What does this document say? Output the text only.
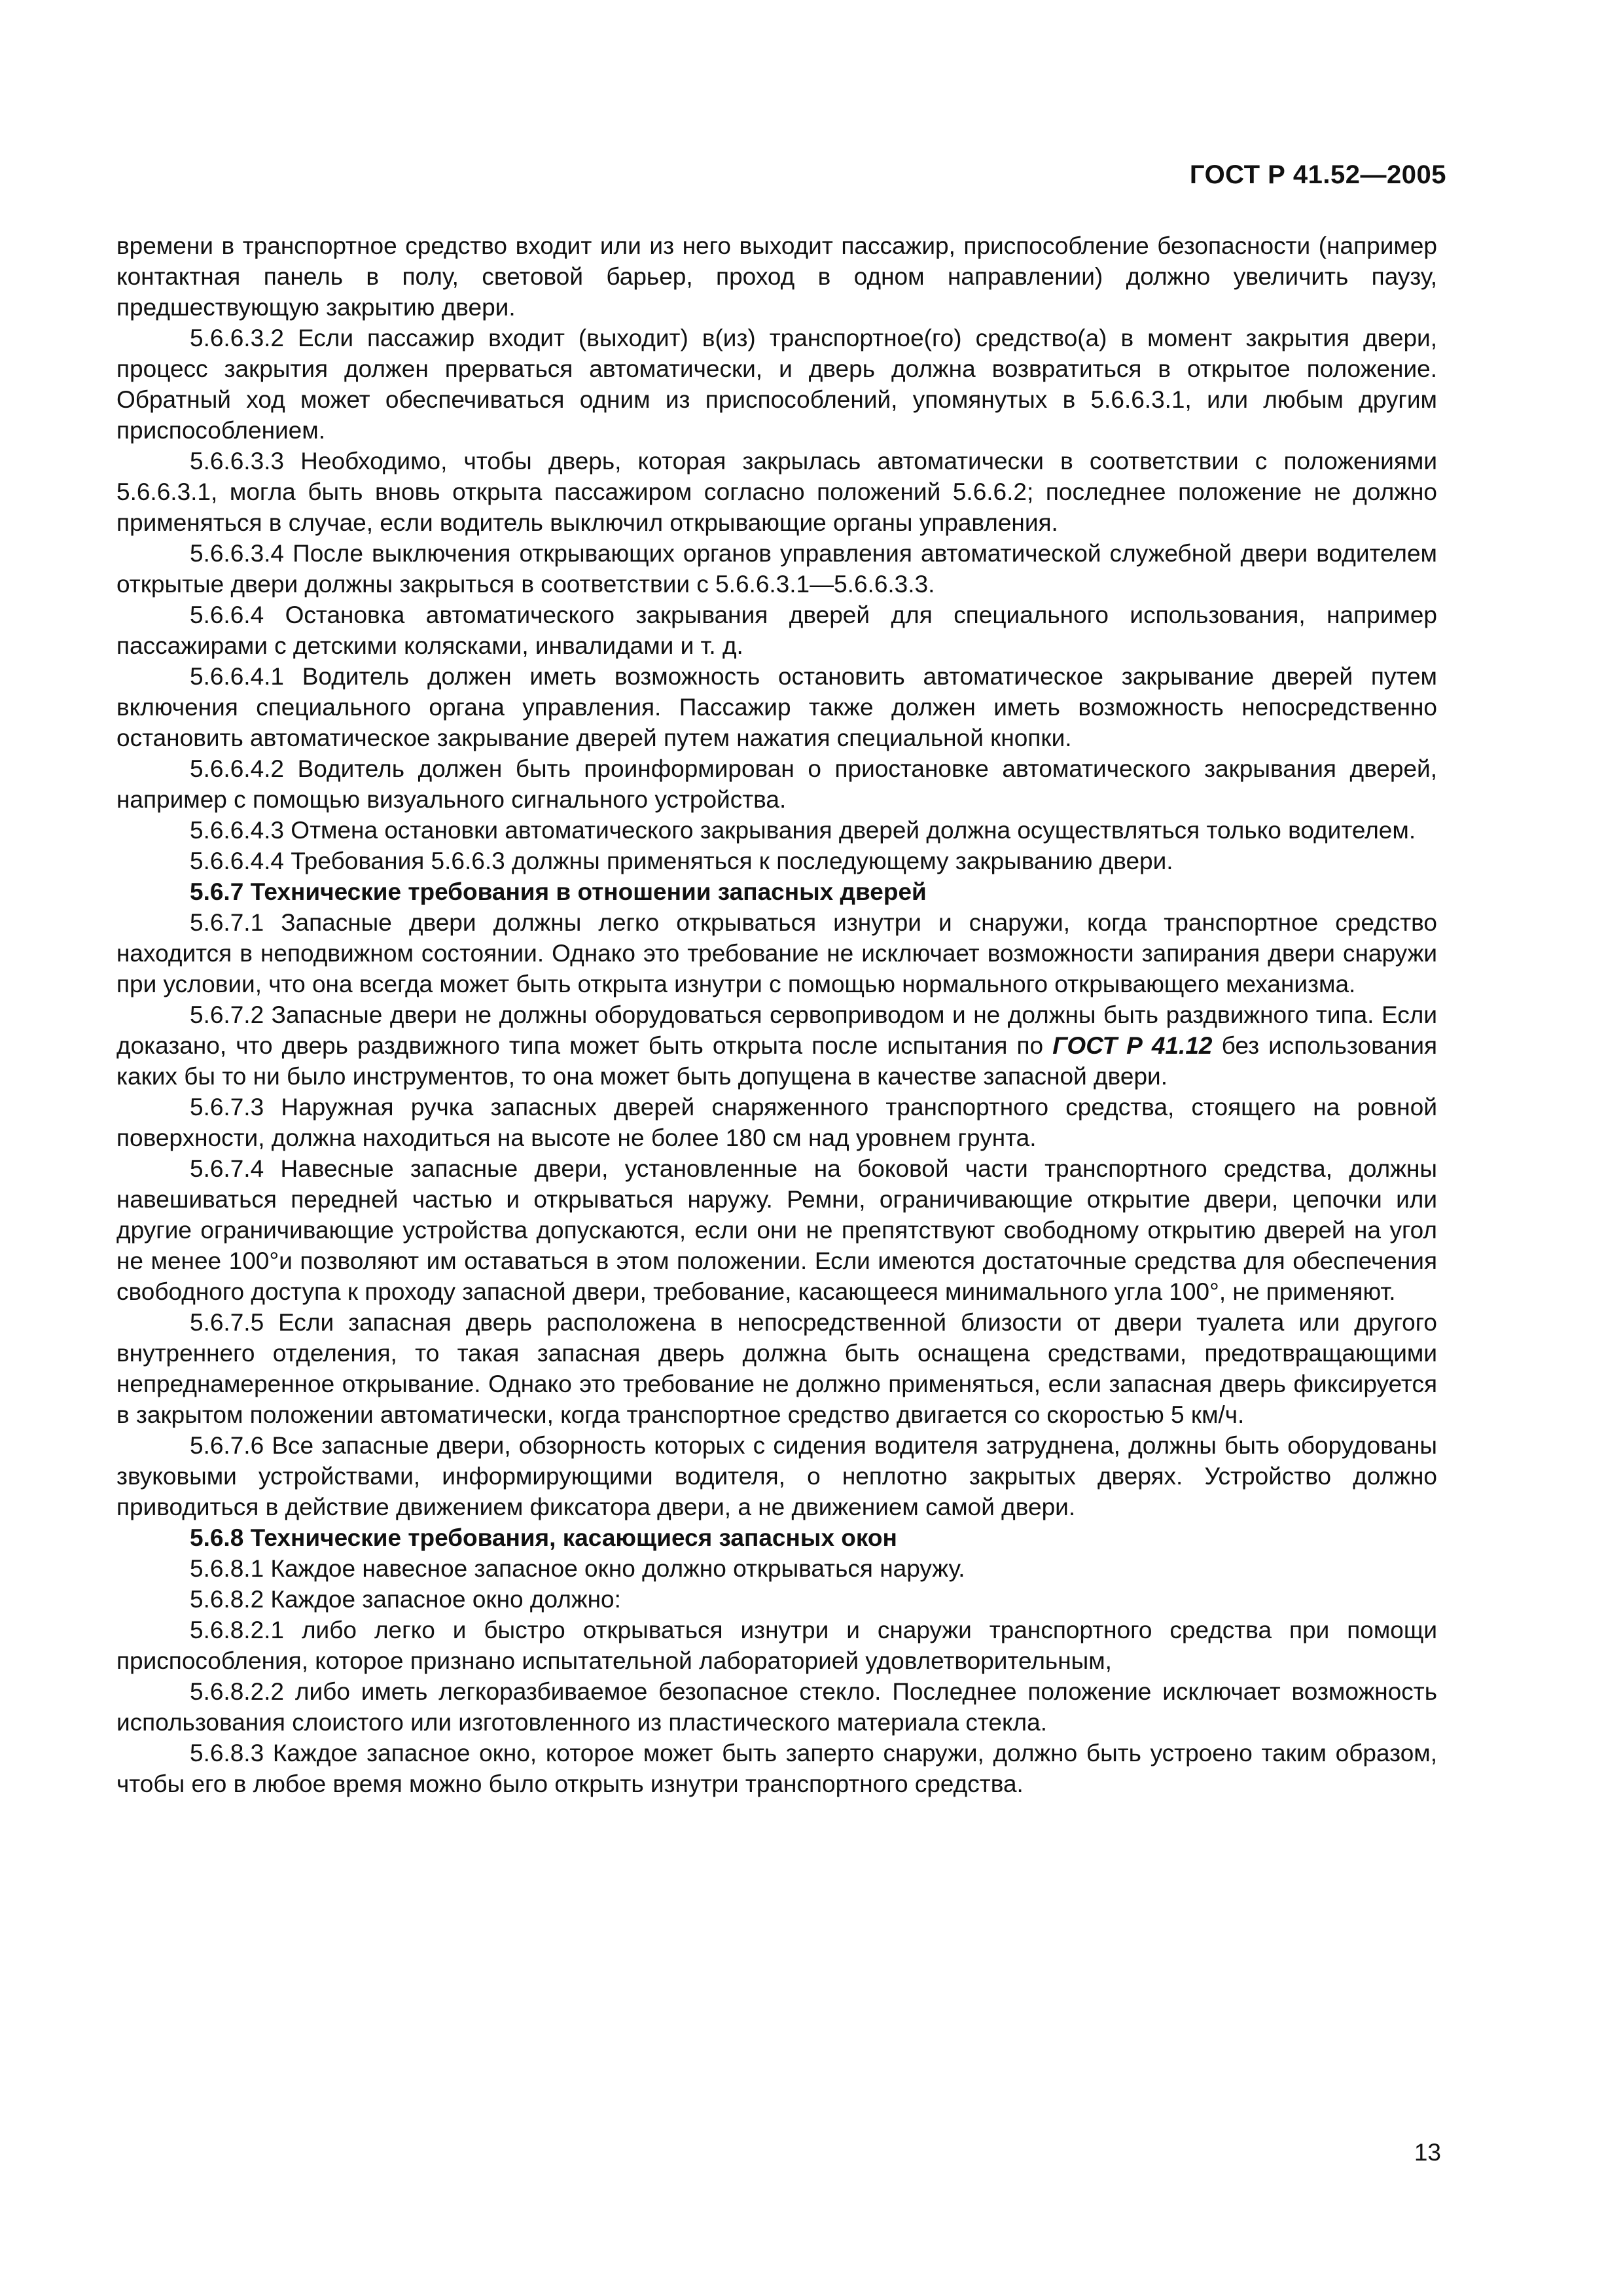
ГОСТ Р 41.52—2005

времени в транспортное средство входит или из него выходит пассажир, приспособление безопасности (например контактная панель в полу, световой барьер, проход в одном направлении) должно увеличить паузу, предшествующую закрытию двери.

5.6.6.3.2 Если пассажир входит (выходит) в(из) транспортное(го) средство(а) в момент закрытия двери, процесс закрытия должен прерваться автоматически, и дверь должна возвратиться в открытое положение. Обратный ход может обеспечиваться одним из приспособлений, упомянутых в 5.6.6.3.1, или любым другим приспособлением.

5.6.6.3.3 Необходимо, чтобы дверь, которая закрылась автоматически в соответствии с положениями 5.6.6.3.1, могла быть вновь открыта пассажиром согласно положений 5.6.6.2; последнее положение не должно применяться в случае, если водитель выключил открывающие органы управления.

5.6.6.3.4 После выключения открывающих органов управления автоматической служебной двери водителем открытые двери должны закрыться в соответствии с 5.6.6.3.1—5.6.6.3.3.

5.6.6.4 Остановка автоматического закрывания дверей для специального использования, например пассажирами с детскими колясками, инвалидами и т. д.

5.6.6.4.1 Водитель должен иметь возможность остановить автоматическое закрывание дверей путем включения специального органа управления. Пассажир также должен иметь возможность непосредственно остановить автоматическое закрывание дверей путем нажатия специальной кнопки.

5.6.6.4.2 Водитель должен быть проинформирован о приостановке автоматического закрывания дверей, например с помощью визуального сигнального устройства.

5.6.6.4.3 Отмена остановки автоматического закрывания дверей должна осуществляться только водителем.

5.6.6.4.4 Требования 5.6.6.3 должны применяться к последующему закрыванию двери.

5.6.7 Технические требования в отношении запасных дверей

5.6.7.1 Запасные двери должны легко открываться изнутри и снаружи, когда транспортное средство находится в неподвижном состоянии. Однако это требование не исключает возможности запирания двери снаружи при условии, что она всегда может быть открыта изнутри с помощью нормального открывающего механизма.

5.6.7.2 Запасные двери не должны оборудоваться сервоприводом и не должны быть раздвижного типа. Если доказано, что дверь раздвижного типа может быть открыта после испытания по ГОСТ Р 41.12 без использования каких бы то ни было инструментов, то она может быть допущена в качестве запасной двери.

5.6.7.3 Наружная ручка запасных дверей снаряженного транспортного средства, стоящего на ровной поверхности, должна находиться на высоте не более 180 см над уровнем грунта.

5.6.7.4 Навесные запасные двери, установленные на боковой части транспортного средства, должны навешиваться передней частью и открываться наружу. Ремни, ограничивающие открытие двери, цепочки или другие ограничивающие устройства допускаются, если они не препятствуют свободному открытию дверей на угол не менее 100°и позволяют им оставаться в этом положении. Если имеются достаточные средства для обеспечения свободного доступа к проходу запасной двери, требование, касающееся минимального угла 100°, не применяют.

5.6.7.5 Если запасная дверь расположена в непосредственной близости от двери туалета или другого внутреннего отделения, то такая запасная дверь должна быть оснащена средствами, предотвращающими непреднамеренное открывание. Однако это требование не должно применяться, если запасная дверь фиксируется в закрытом положении автоматически, когда транспортное средство двигается со скоростью 5 км/ч.

5.6.7.6 Все запасные двери, обзорность которых с сидения водителя затруднена, должны быть оборудованы звуковыми устройствами, информирующими водителя, о неплотно закрытых дверях. Устройство должно приводиться в действие движением фиксатора двери, а не движением самой двери.

5.6.8 Технические требования, касающиеся запасных окон

5.6.8.1 Каждое навесное запасное окно должно открываться наружу.

5.6.8.2 Каждое запасное окно должно:

5.6.8.2.1 либо легко и быстро открываться изнутри и снаружи транспортного средства при помощи приспособления, которое признано испытательной лабораторией удовлетворительным,

5.6.8.2.2 либо иметь легкоразбиваемое безопасное стекло. Последнее положение исключает возможность использования слоистого или изготовленного из пластического материала стекла.

5.6.8.3 Каждое запасное окно, которое может быть заперто снаружи, должно быть устроено таким образом, чтобы его в любое время можно было открыть изнутри транспортного средства.

13
